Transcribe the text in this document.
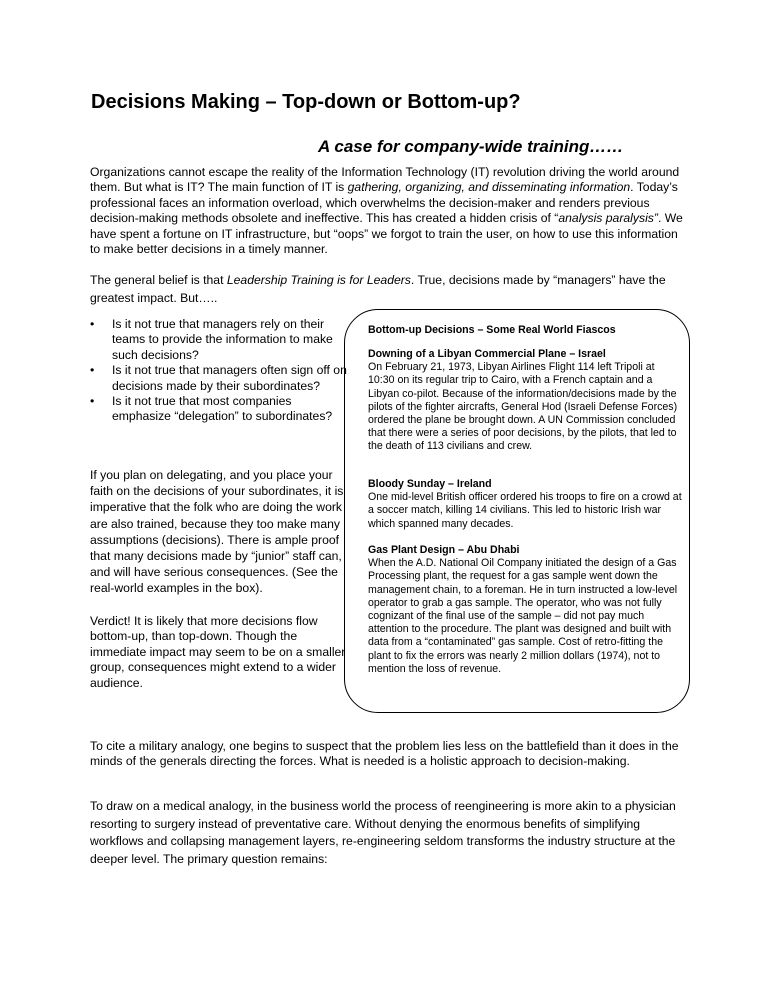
Decisions Making – Top-down or Bottom-up?
A case for company-wide training……
Organizations cannot escape the reality of the Information Technology (IT) revolution driving the world around them. But what is IT? The main function of IT is gathering, organizing, and disseminating information. Today’s professional faces an information overload, which overwhelms the decision-maker and renders previous decision-making methods obsolete and ineffective. This has created a hidden crisis of “analysis paralysis”. We have spent a fortune on IT infrastructure, but “oops” we forgot to train the user, on how to use this information to make better decisions in a timely manner.
The general belief is that Leadership Training is for Leaders. True, decisions made by “managers” have the greatest impact. But…..
• Is it not true that managers rely on their teams to provide the information to make such decisions?
• Is it not true that managers often sign off on decisions made by their subordinates?
• Is it not true that most companies emphasize “delegation” to subordinates?
If you plan on delegating, and you place your faith on the decisions of your subordinates, it is imperative that the folk who are doing the work are also trained, because they too make many assumptions (decisions). There is ample proof that many decisions made by “junior” staff can, and will have serious consequences. (See the real-world examples in the box).
Verdict! It is likely that more decisions flow bottom-up, than top-down. Though the immediate impact may seem to be on a smaller group, consequences might extend to a wider audience.
Bottom-up Decisions – Some Real World Fiascos
Downing of a Libyan Commercial Plane – Israel
On February 21, 1973, Libyan Airlines Flight 114 left Tripoli at 10:30 on its regular trip to Cairo, with a French captain and a Libyan co-pilot. Because of the information/decisions made by the pilots of the fighter aircrafts, General Hod (Israeli Defense Forces) ordered the plane be brought down. A UN Commission concluded that there were a series of poor decisions, by the pilots, that led to the death of 113 civilians and crew.
Bloody Sunday – Ireland
One mid-level British officer ordered his troops to fire on a crowd at a soccer match, killing 14 civilians. This led to historic Irish war which spanned many decades.
Gas Plant Design – Abu Dhabi
When the A.D. National Oil Company initiated the design of a Gas Processing plant, the request for a gas sample went down the management chain, to a foreman. He in turn instructed a low-level operator to grab a gas sample. The operator, who was not fully cognizant of the final use of the sample – did not pay much attention to the procedure. The plant was designed and built with data from a “contaminated” gas sample. Cost of retro-fitting the plant to fix the errors was nearly 2 million dollars (1974), not to mention the loss of revenue.
To cite a military analogy, one begins to suspect that the problem lies less on the battlefield than it does in the minds of the generals directing the forces. What is needed is a holistic approach to decision-making.
To draw on a medical analogy, in the business world the process of reengineering is more akin to a physician resorting to surgery instead of preventative care. Without denying the enormous benefits of simplifying workflows and collapsing management layers, re-engineering seldom transforms the industry structure at the deeper level. The primary question remains:
